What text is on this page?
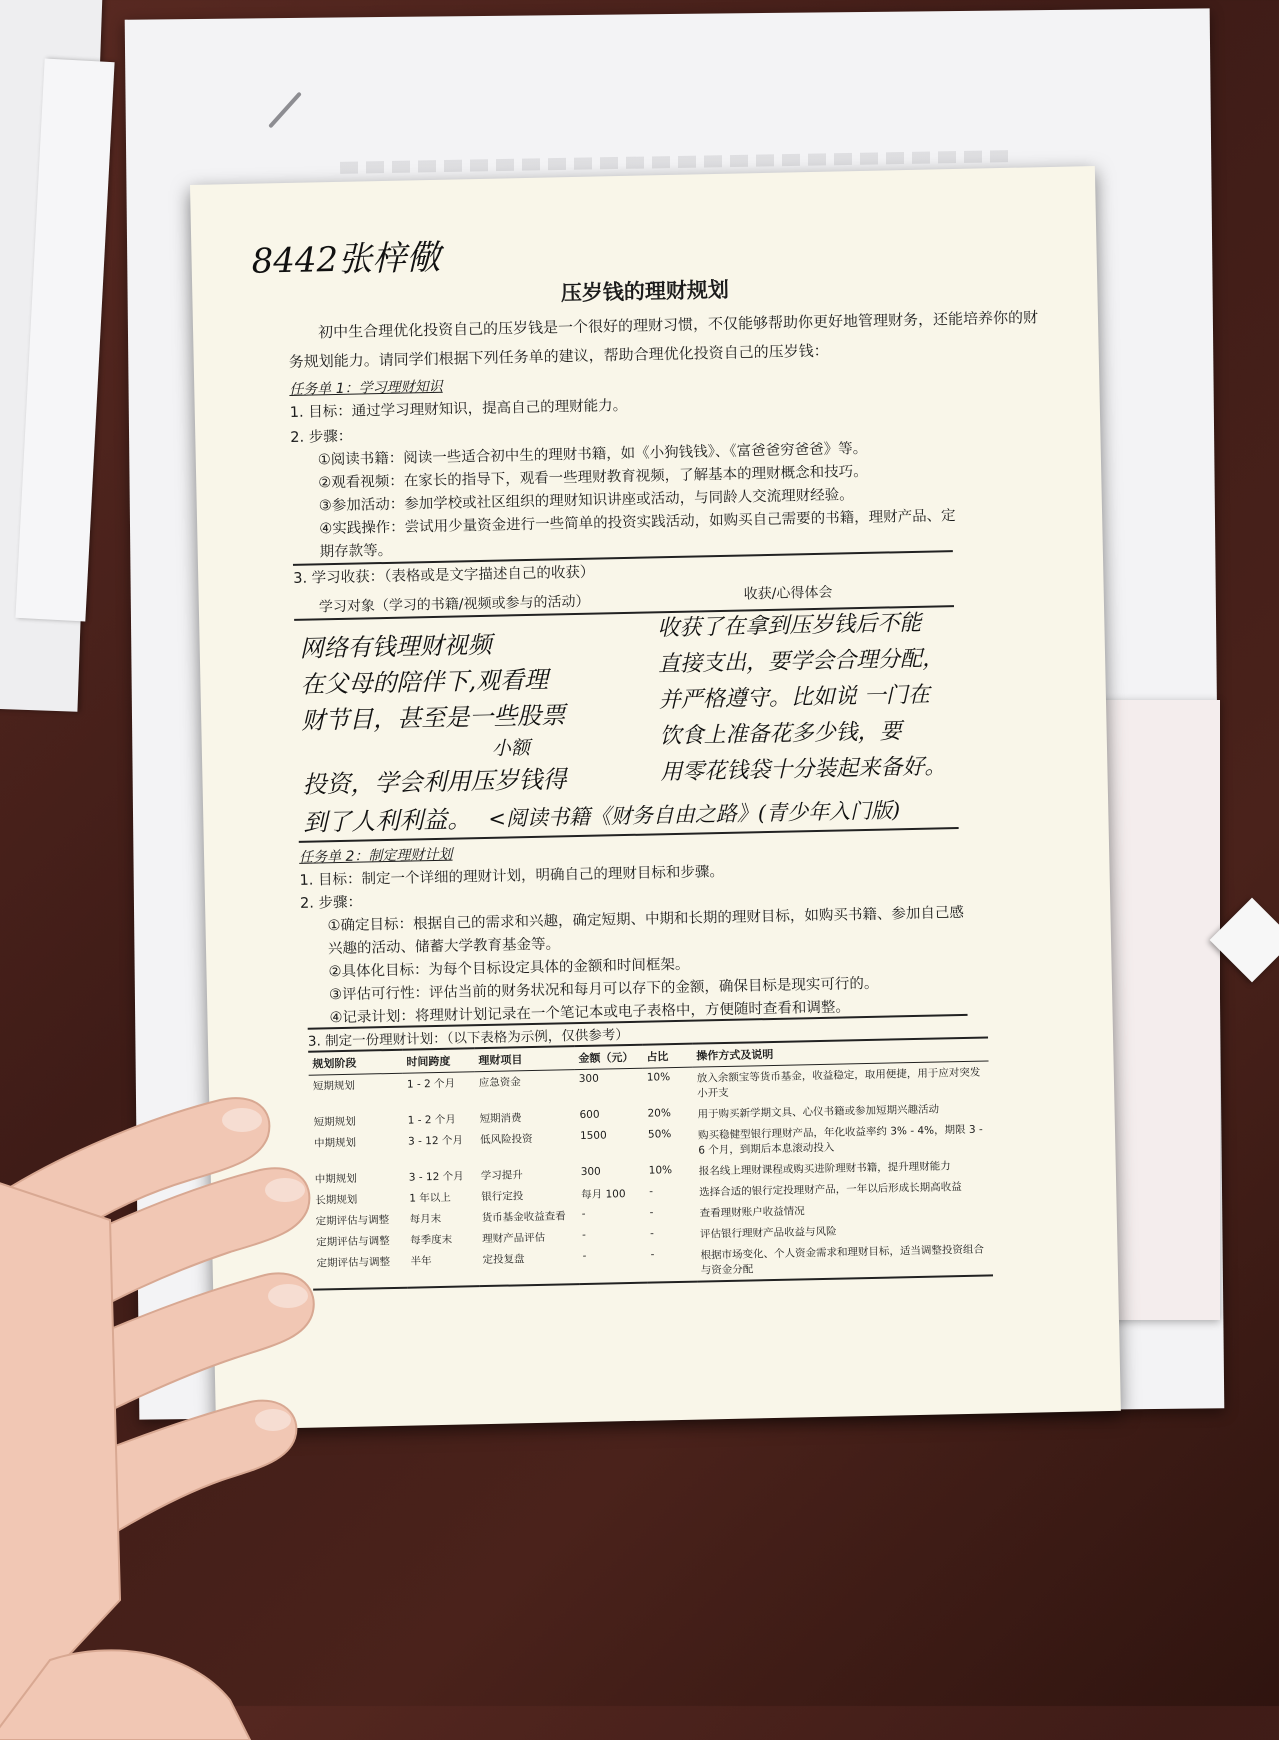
8442张梓儆
压岁钱的理财规划
初中生合理优化投资自己的压岁钱是一个很好的理财习惯，不仅能够帮助你更好地管理财务，还能培养你的财务规划能力。请同学们根据下列任务单的建议，帮助合理优化投资自己的压岁钱：
任务单 1：学习理财知识
1. 目标：通过学习理财知识，提高自己的理财能力。
2. 步骤：
①阅读书籍：阅读一些适合初中生的理财书籍，如《小狗钱钱》、《富爸爸穷爸爸》等。
②观看视频：在家长的指导下，观看一些理财教育视频，了解基本的理财概念和技巧。
③参加活动：参加学校或社区组织的理财知识讲座或活动，与同龄人交流理财经验。
④实践操作：尝试用少量资金进行一些简单的投资实践活动，如购买自己需要的书籍，理财产品、定
期存款等。
3. 学习收获：（表格或是文字描述自己的收获）
学习对象（学习的书籍/视频或参与的活动）
收获/心得体会
网络有钱理财视频
在父母的陪伴下,观看理
财节目，甚至是一些股票
小额
投资，学会利用压岁钱得
到了人利利益。
收获了在拿到压岁钱后不能
直接支出，要学会合理分配，
并严格遵守。比如说 一门在
饮食上准备花多少钱，要
用零花钱袋十分装起来备好。
<阅读书籍《财务自由之路》(青少年入门版)
任务单 2：制定理财计划
1. 目标：制定一个详细的理财计划，明确自己的理财目标和步骤。
2. 步骤：
①确定目标：根据自己的需求和兴趣，确定短期、中期和长期的理财目标，如购买书籍、参加自己感
兴趣的活动、储蓄大学教育基金等。
②具体化目标：为每个目标设定具体的金额和时间框架。
③评估可行性：评估当前的财务状况和每月可以存下的金额，确保目标是现实可行的。
④记录计划：将理财计划记录在一个笔记本或电子表格中，方便随时查看和调整。
3. 制定一份理财计划：（以下表格为示例，仅供参考）
规划阶段	时间跨度	理财项目	金额（元）	占比	操作方式及说明
短期规划	1 - 2 个月	应急资金	300	10%	放入余额宝等货币基金，收益稳定，取用便捷，用于应对突发小开支
短期规划	1 - 2 个月	短期消费	600	20%	用于购买新学期文具、心仪书籍或参加短期兴趣活动
中期规划	3 - 12 个月	低风险投资	1500	50%	购买稳健型银行理财产品，年化收益率约 3% - 4%，期限 3 - 6 个月，到期后本息滚动投入
中期规划	3 - 12 个月	学习提升	300	10%	报名线上理财课程或购买进阶理财书籍，提升理财能力
长期规划	1 年以上	银行定投	每月 100	-	选择合适的银行定投理财产品，一年以后形成长期高收益
定期评估与调整	每月末	货币基金收益查看	-	-	查看理财账户收益情况
定期评估与调整	每季度末	理财产品评估	-	-	评估银行理财产品收益与风险
定期评估与调整	半年	定投复盘	-	-	根据市场变化、个人资金需求和理财目标，适当调整投资组合与资金分配
